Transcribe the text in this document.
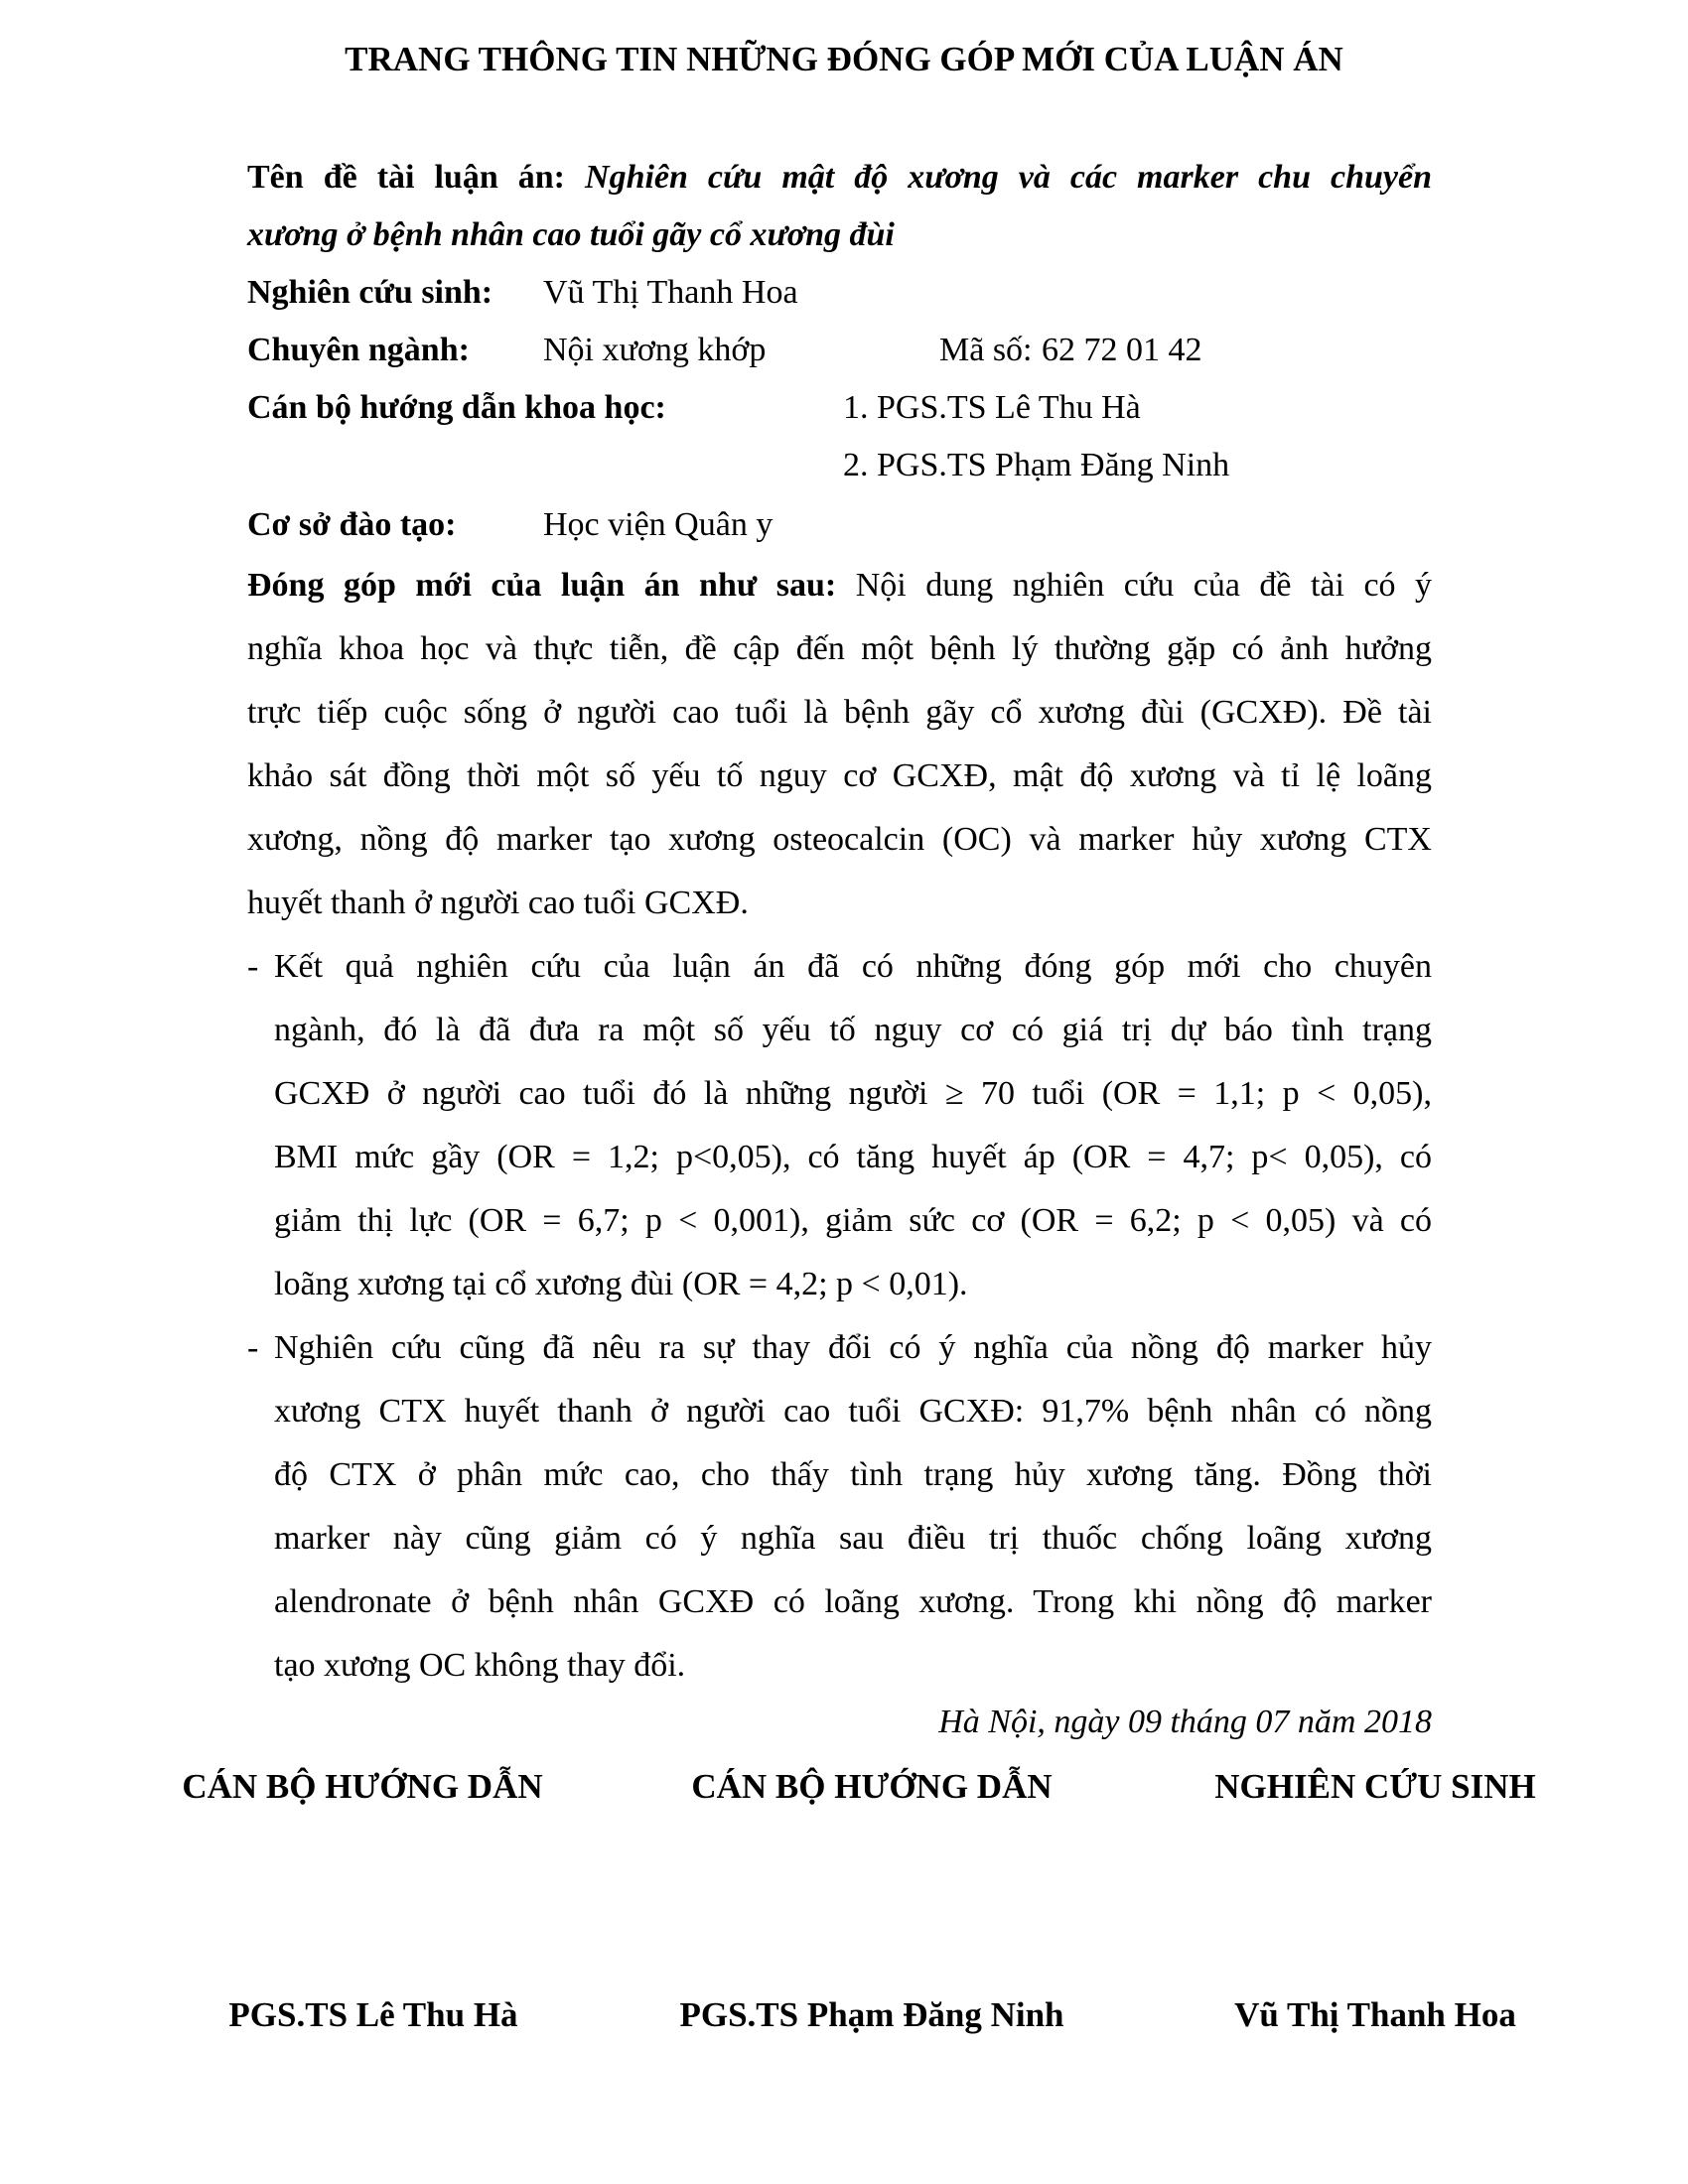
TRANG THÔNG TIN NHỮNG ĐÓNG GÓP MỚI CỦA LUẬN ÁN
Tên đề tài luận án: Nghiên cứu mật độ xương và các marker chu chuyển
xương ở bệnh nhân cao tuổi gãy cổ xương đùi
Nghiên cứu sinh: Vũ Thị Thanh Hoa
Chuyên ngành: Nội xương khớp	Mã số: 62 72 01 42
Cán bộ hướng dẫn khoa học:	1. PGS.TS Lê Thu Hà
2. PGS.TS Phạm Đăng Ninh
Cơ sở đào tạo:	Học viện Quân y
Đóng góp mới của luận án như sau: Nội dung nghiên cứu của đề tài có ý
nghĩa khoa học và thực tiễn, đề cập đến một bệnh lý thường gặp có ảnh hưởng
trực tiếp cuộc sống ở người cao tuổi là bệnh gãy cổ xương đùi (GCXĐ). Đề tài
khảo sát đồng thời một số yếu tố nguy cơ GCXĐ, mật độ xương và tỉ lệ loãng
xương, nồng độ marker tạo xương osteocalcin (OC) và marker hủy xương CTX
huyết thanh ở người cao tuổi GCXĐ.
- Kết quả nghiên cứu của luận án đã có những đóng góp mới cho chuyên
ngành, đó là đã đưa ra một số yếu tố nguy cơ có giá trị dự báo tình trạng
GCXĐ ở người cao tuổi đó là những người ≥ 70 tuổi (OR = 1,1; p < 0,05),
BMI mức gầy (OR = 1,2; p<0,05), có tăng huyết áp (OR = 4,7; p< 0,05), có
giảm thị lực (OR = 6,7; p < 0,001), giảm sức cơ (OR = 6,2; p < 0,05) và có
loãng xương tại cổ xương đùi (OR = 4,2; p < 0,01).
- Nghiên cứu cũng đã nêu ra sự thay đổi có ý nghĩa của nồng độ marker hủy
xương CTX huyết thanh ở người cao tuổi GCXĐ: 91,7% bệnh nhân có nồng
độ CTX ở phân mức cao, cho thấy tình trạng hủy xương tăng. Đồng thời
marker này cũng giảm có ý nghĩa sau điều trị thuốc chống loãng xương
alendronate ở bệnh nhân GCXĐ có loãng xương. Trong khi nồng độ marker
tạo xương OC không thay đổi.
Hà Nội, ngày 09 tháng 07 năm 2018
CÁN BỘ HƯỚNG DẪN	CÁN BỘ HƯỚNG DẪN	NGHIÊN CỨU SINH
PGS.TS Lê Thu Hà	PGS.TS Phạm Đăng Ninh	Vũ Thị Thanh Hoa
